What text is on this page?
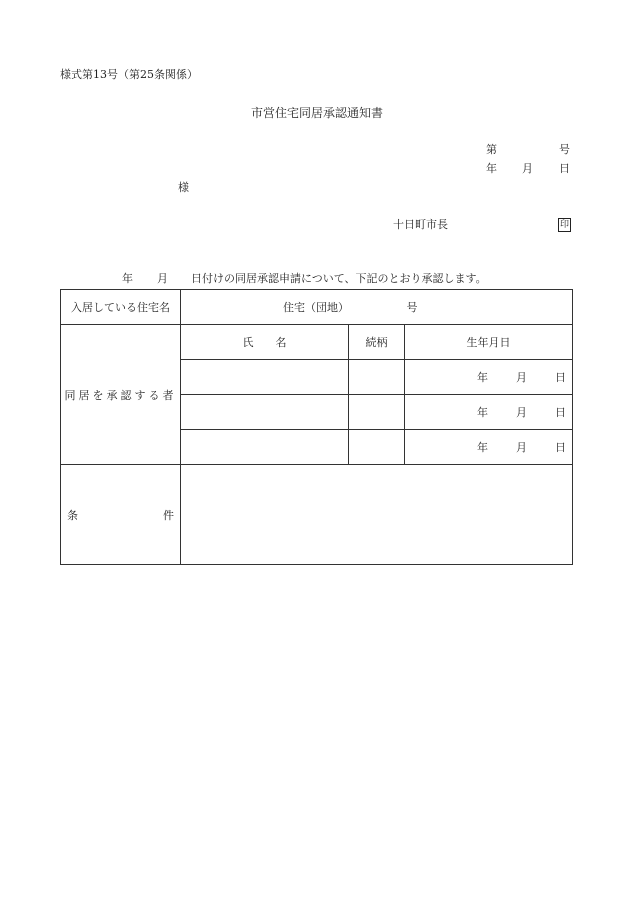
様式第13号（第25条関係）
市営住宅同居承認通知書
第	号
年 月 日
様
十日町市長	印
年 月 日付けの同居承認申請について、下記のとおり承認します。
入居している住宅名	住宅（団地） 号		
同居を承認する者	氏　　名	続柄	生年月日
			年 月 日
			年 月 日
			年 月 日

条 件			
